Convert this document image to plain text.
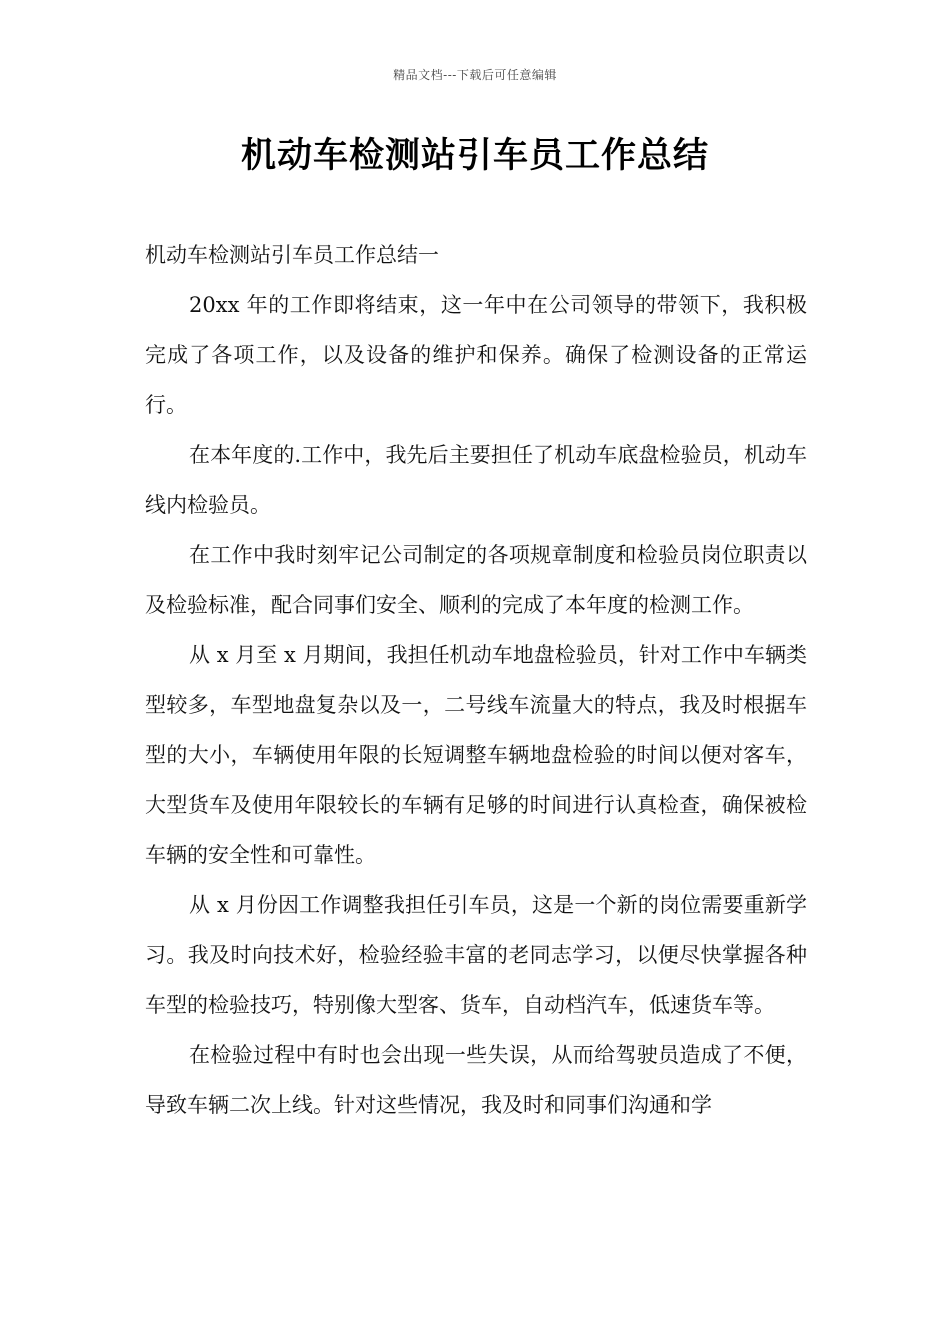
精品文档---下载后可任意编辑
机动车检测站引车员工作总结

机动车检测站引车员工作总结一

20xx 年的工作即将结束，这一年中在公司领导的带领下，我积极完成了各项工作，以及设备的维护和保养。确保了检测设备的正常运行。

在本年度的.工作中，我先后主要担任了机动车底盘检验员，机动车线内检验员。

在工作中我时刻牢记公司制定的各项规章制度和检验员岗位职责以及检验标准，配合同事们安全、顺利的完成了本年度的检测工作。

从 x 月至 x 月期间，我担任机动车地盘检验员，针对工作中车辆类型较多，车型地盘复杂以及一，二号线车流量大的特点，我及时根据车型的大小，车辆使用年限的长短调整车辆地盘检验的时间以便对客车，大型货车及使用年限较长的车辆有足够的时间进行认真检查，确保被检车辆的安全性和可靠性。

从 x 月份因工作调整我担任引车员，这是一个新的岗位需要重新学习。我及时向技术好，检验经验丰富的老同志学习，以便尽快掌握各种车型的检验技巧，特别像大型客、货车，自动档汽车，低速货车等。

在检验过程中有时也会出现一些失误，从而给驾驶员造成了不便，导致车辆二次上线。针对这些情况，我及时和同事们沟通和学
